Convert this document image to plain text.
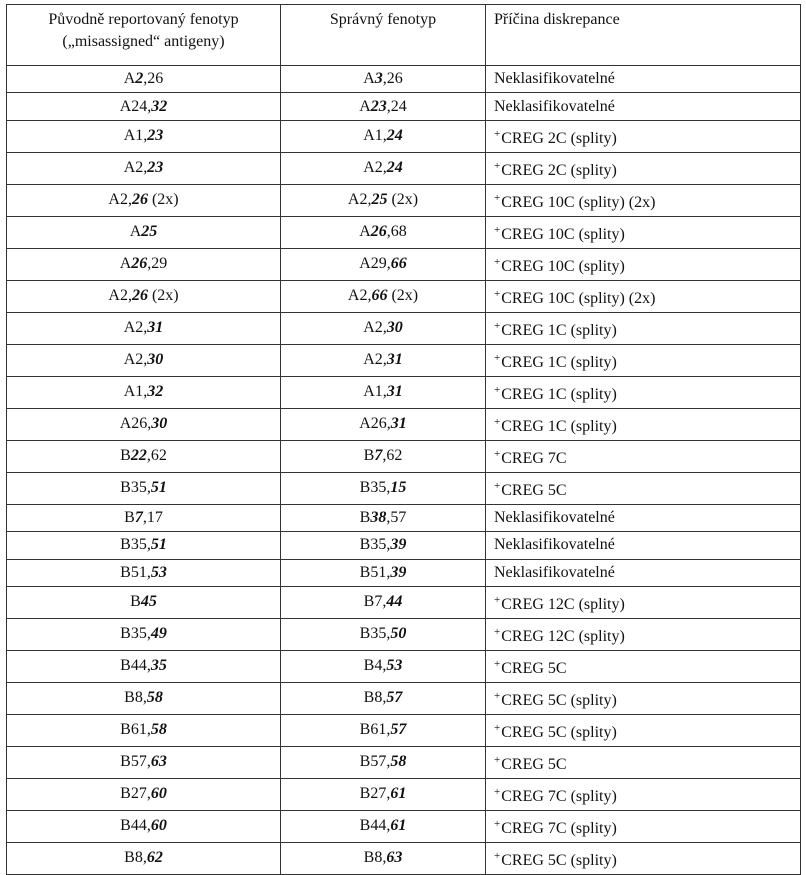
Původně reportovaný fenotyp
(„misassigned“ antigeny)	Správný fenotyp	Příčina diskrepance
A2,26	A3,26	Neklasifikovatelné
A24,32	A23,24	Neklasifikovatelné
A1,23	A1,24	+CREG 2C (splity)
A2,23	A2,24	+CREG 2C (splity)
A2,26 (2x)	A2,25 (2x)	+CREG 10C (splity) (2x)
A25	A26,68	+CREG 10C (splity)
A26,29	A29,66	+CREG 10C (splity)
A2,26 (2x)	A2,66 (2x)	+CREG 10C (splity) (2x)
A2,31	A2,30	+CREG 1C (splity)
A2,30	A2,31	+CREG 1C (splity)
A1,32	A1,31	+CREG 1C (splity)
A26,30	A26,31	+CREG 1C (splity)
B22,62	B7,62	+CREG 7C
B35,51	B35,15	+CREG 5C
B7,17	B38,57	Neklasifikovatelné
B35,51	B35,39	Neklasifikovatelné
B51,53	B51,39	Neklasifikovatelné
B45	B7,44	+CREG 12C (splity)
B35,49	B35,50	+CREG 12C (splity)
B44,35	B4,53	+CREG 5C
B8,58	B8,57	+CREG 5C (splity)
B61,58	B61,57	+CREG 5C (splity)
B57,63	B57,58	+CREG 5C
B27,60	B27,61	+CREG 7C (splity)
B44,60	B44,61	+CREG 7C (splity)
B8,62	B8,63	+CREG 5C (splity)
